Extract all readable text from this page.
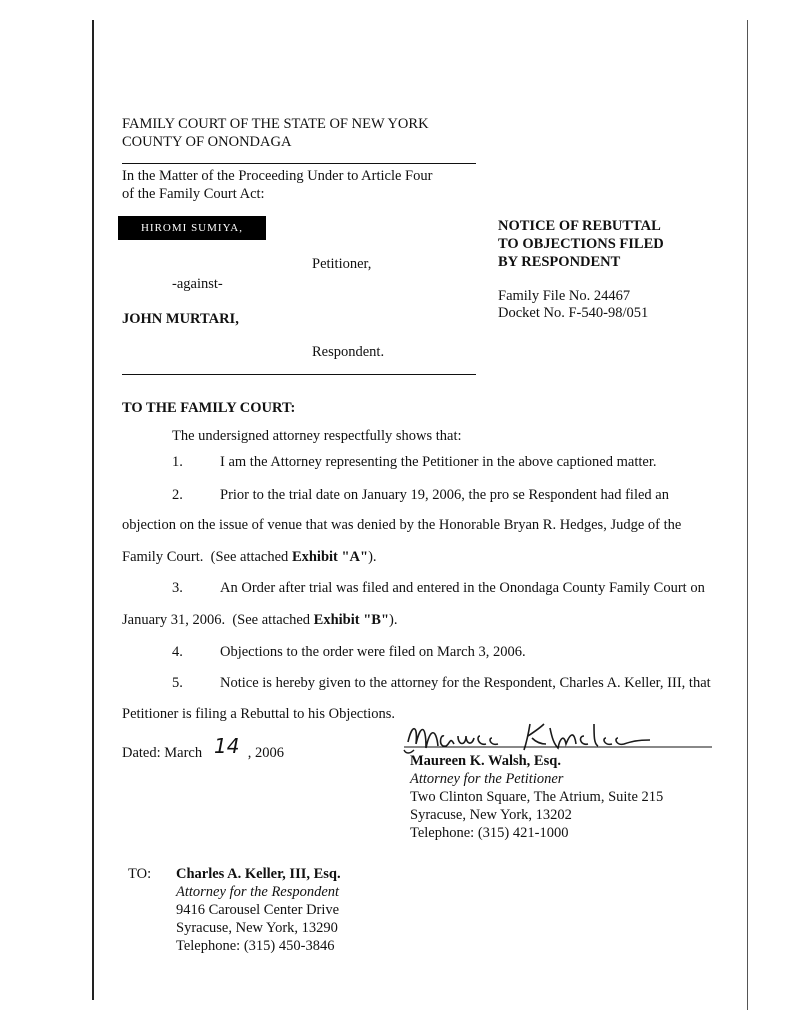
FAMILY COURT OF THE STATE OF NEW YORK
COUNTY OF ONONDAGA
In the Matter of the Proceeding Under to Article Four
of the Family Court Act:
HIROMI SUMIYA,
Petitioner,
-against-
JOHN MURTARI,
Respondent.
NOTICE OF REBUTTAL
TO OBJECTIONS FILED
BY RESPONDENT
Family File No. 24467
Docket No. F-540-98/051
TO THE FAMILY COURT:
The undersigned attorney respectfully shows that:
1.	I am the Attorney representing the Petitioner in the above captioned matter.
2.	Prior to the trial date on January 19, 2006, the pro se Respondent had filed an
objection on the issue of venue that was denied by the Honorable Bryan R. Hedges, Judge of the
Family Court.  (See attached Exhibit "A").
3.	An Order after trial was filed and entered in the Onondaga County Family Court on
January 31, 2006.  (See attached Exhibit "B").
4.	Objections to the order were filed on March 3, 2006.
5.	Notice is hereby given to the attorney for the Respondent, Charles A. Keller, III, that
Petitioner is filing a Rebuttal to his Objections.
Dated: March 14 , 2006	Maureen K. Walsh, Esq.
Attorney for the Petitioner
Two Clinton Square, The Atrium, Suite 215
Syracuse, New York, 13202
Telephone: (315) 421-1000
TO: Charles A. Keller, III, Esq.
Attorney for the Respondent
9416 Carousel Center Drive
Syracuse, New York, 13290
Telephone: (315) 450-3846
